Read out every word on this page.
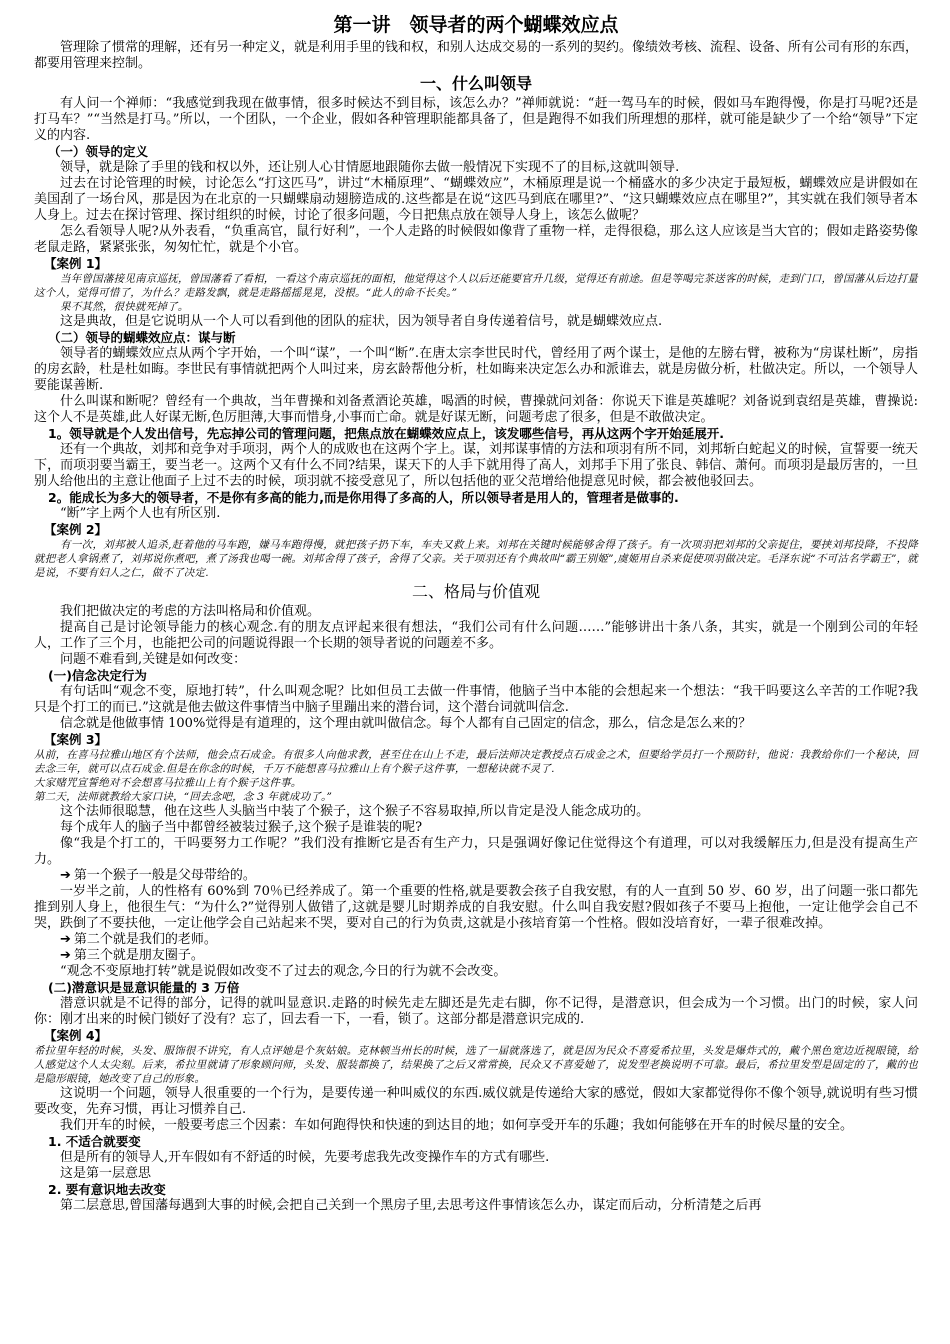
第一讲　领导者的两个蝴蝶效应点

管理除了惯常的理解，还有另一种定义，就是利用手里的钱和权，和别人达成交易的一系列的契约。像绩效考核、流程、设备、所有公司有形的东西，都要用管理来控制。

一、什么叫领导

有人问一个禅师：“我感觉到我现在做事情，很多时候达不到目标，该怎么办？”禅师就说：“赶一驾马车的时候，假如马车跑得慢，你是打马呢?还是打马车？”“当然是打马。”所以，一个团队，一个企业，假如各种管理职能都具备了，但是跑得不如我们所理想的那样，就可能是缺少了一个给“领导”下定义的内容.

（一）领导的定义

领导，就是除了手里的钱和权以外，还让别人心甘情愿地跟随你去做一般情况下实现不了的目标,这就叫领导.

过去在讨论管理的时候，讨论怎么“打这匹马”，讲过“木桶原理”、“蝴蝶效应”，木桶原理是说一个桶盛水的多少决定于最短板，蝴蝶效应是讲假如在美国刮了一场台风，那是因为在北京的一只蝴蝶扇动翅膀造成的.这些都是在说“这匹马到底在哪里?”、“这只蝴蝶效应点在哪里?”，其实就在我们领导者本人身上。过去在探讨管理、探讨组织的时候，讨论了很多问题，今日把焦点放在领导人身上，该怎么做呢？

怎么看领导人呢?从外表看，“负重高官，鼠行好利”，一个人走路的时候假如像背了重物一样，走得很稳，那么这人应该是当大官的；假如走路姿势像老鼠走路，紧紧张张，匆匆忙忙，就是个小官。

【案例 1】

当年曾国藩接见南京巡抚，曾国藩看了看相，一看这个南京巡抚的面相，他觉得这个人以后还能要官升几级，觉得还有前途。但是等喝完茶送客的时候，走到门口，曾国藩从后边打量这个人，觉得可惜了，为什么？走路发飘，就是走路摇摇晃晃，没根。“此人的命不长矣。”

果不其然，很快就死掉了。

这是典故，但是它说明从一个人可以看到他的团队的症状，因为领导者自身传递着信号，就是蝴蝶效应点.

（二）领导的蝴蝶效应点：谋与断

领导者的蝴蝶效应点从两个字开始，一个叫“谋”，一个叫“断”.在唐太宗李世民时代，曾经用了两个谋士，是他的左膀右臂，被称为“房谋杜断”，房指的房玄龄，杜是杜如晦。李世民有事情就把两个人叫过来，房玄龄帮他分析，杜如晦来决定怎么办和派谁去，就是房做分析，杜做决定。所以，一个领导人要能谋善断.

什么叫谋和断呢？曾经有一个典故，当年曹操和刘备煮酒论英雄，喝酒的时候，曹操就问刘备：你说天下谁是英雄呢？刘备说到袁绍是英雄，曹操说:这个人不是英雄,此人好谋无断,色厉胆薄,大事而惜身,小事而亡命。就是好谋无断，问题考虑了很多，但是不敢做决定。

1。领导就是个人发出信号，先忘掉公司的管理问题，把焦点放在蝴蝶效应点上，该发哪些信号，再从这两个字开始延展开.

还有一个典故，刘邦和竞争对手项羽，两个人的成败也在这两个字上。谋，刘邦谋事情的方法和项羽有所不同，刘邦斩白蛇起义的时候，宣誓要一统天下，而项羽要当霸王，要当老一。这两个又有什么不同?结果，谋天下的人手下就用得了高人，刘邦手下用了张良、韩信、萧何。而项羽是最厉害的，一旦别人给他出的主意让他面子上过不去的时候，项羽就不接受意见了，所以包括他的亚父范增给他提意见时候，都会被他驳回去。

2。能成长为多大的领导者，不是你有多高的能力,而是你用得了多高的人，所以领导者是用人的，管理者是做事的.

“断”字上两个人也有所区别.

【案例 2】

有一次，刘邦被人追杀,赶着他的马车跑，嫌马车跑得慢，就把孩子扔下车，车夫又救上来。刘邦在关键时候能够舍得了孩子。有一次项羽把刘邦的父亲捉住，要挟刘邦投降，不投降就把老人拿锅煮了，刘邦说你煮吧，煮了汤我也喝一碗。刘邦舍得了孩子，舍得了父亲。关于项羽还有个典故叫“霸王别姬”,虞姬用自杀来促使项羽做决定。毛泽东说“不可沽名学霸王”，就是说，不要有妇人之仁，做不了决定.

二、格局与价值观

我们把做决定的考虑的方法叫格局和价值观。

提高自己是讨论领导能力的核心观念.有的朋友点评起来很有想法，“我们公司有什么问题……”能够讲出十条八条，其实，就是一个刚到公司的年轻人，工作了三个月，也能把公司的问题说得跟一个长期的领导者说的问题差不多。

问题不难看到,关键是如何改变：

(一)信念决定行为

有句话叫“观念不变，原地打转”，什么叫观念呢？比如但员工去做一件事情，他脑子当中本能的会想起来一个想法：“我干吗要这么辛苦的工作呢?我只是个打工的而已.”这就是他去做这件事情当中脑子里蹦出来的潜台词，这个潜台词就叫信念.

信念就是他做事情 100%觉得是有道理的，这个理由就叫做信念。每个人都有自己固定的信念，那么，信念是怎么来的？

【案例 3】

从前，在喜马拉雅山地区有个法师，他会点石成金。有很多人向他求教，甚至住在山上不走，最后法师决定教授点石成金之术，但要给学员打一个预防针，他说：我教给你们一个秘诀，回去念三年，就可以点石成金.但是在你念的时候，千万不能想喜马拉雅山上有个猴子这件事，一想秘诀就不灵了.

大家赌咒宣誓绝对不会想喜马拉雅山上有个猴子这件事。

第二天，法师就教给大家口诀，“回去念吧，念 3 年就成功了。”

这个法师很聪慧，他在这些人头脑当中装了个猴子，这个猴子不容易取掉,所以肯定是没人能念成功的。

每个成年人的脑子当中都曾经被装过猴子,这个猴子是谁装的呢?

像“我是个打工的，干吗要努力工作呢？”我们没有推断它是否有生产力，只是强调好像记住觉得这个有道理，可以对我缓解压力,但是没有提高生产力。

➔ 第一个猴子一般是父母带给的。

一岁半之前，人的性格有 60%到 70％已经养成了。第一个重要的性格,就是要教会孩子自我安慰，有的人一直到 50 岁、60 岁，出了问题一张口都先推到别人身上，他很生气：“为什么?”觉得别人做错了,这就是婴儿时期养成的自我安慰。什么叫自我安慰?假如孩子不要马上抱他，一定让他学会自己不哭，跌倒了不要扶他，一定让他学会自己站起来不哭，要对自己的行为负责,这就是小孩培育第一个性格。假如没培育好，一辈子很难改掉。

➔ 第二个就是我们的老师。

➔ 第三个就是朋友圈子。

“观念不变原地打转”就是说假如改变不了过去的观念,今日的行为就不会改变。

(二)潜意识是显意识能量的 3 万倍

潜意识就是不记得的部分，记得的就叫显意识.走路的时候先走左脚还是先走右脚，你不记得，是潜意识，但会成为一个习惯。出门的时候，家人问你：刚才出来的时候门锁好了没有？忘了，回去看一下，一看，锁了。这部分都是潜意识完成的.

【案例 4】

希拉里年轻的时候，头发、服饰很不讲究，有人点评她是个灰姑娘。克林顿当州长的时候，选了一届就落选了，就是因为民众不喜爱希拉里，头发是爆炸式的，戴个黑色宽边近视眼镜，给人感觉这个人太尖刻。后来，希拉里就请了形象顾问师，头发、服装都换了，结果换了之后又常常换，民众又不喜爱她了，说发型老换说明不可靠。最后，希拉里发型是固定的了，戴的也是隐形眼镜，她改变了自己的形象。

这说明一个问题，领导人很重要的一个行为，是要传递一种叫威仪的东西.威仪就是传递给大家的感觉，假如大家都觉得你不像个领导,就说明有些习惯要改变，先弃习惯，再让习惯养自己.

我们开车的时候，一般要考虑三个因素：车如何跑得快和快速的到达目的地；如何享受开车的乐趣；我如何能够在开车的时候尽量的安全。

1. 不适合就要变

但是所有的领导人,开车假如有不舒适的时候，先要考虑我先改变操作车的方式有哪些.

这是第一层意思

2. 要有意识地去改变

第二层意思,曾国藩每遇到大事的时候,会把自己关到一个黑房子里,去思考这件事情该怎么办，谋定而后动，分析清楚之后再
